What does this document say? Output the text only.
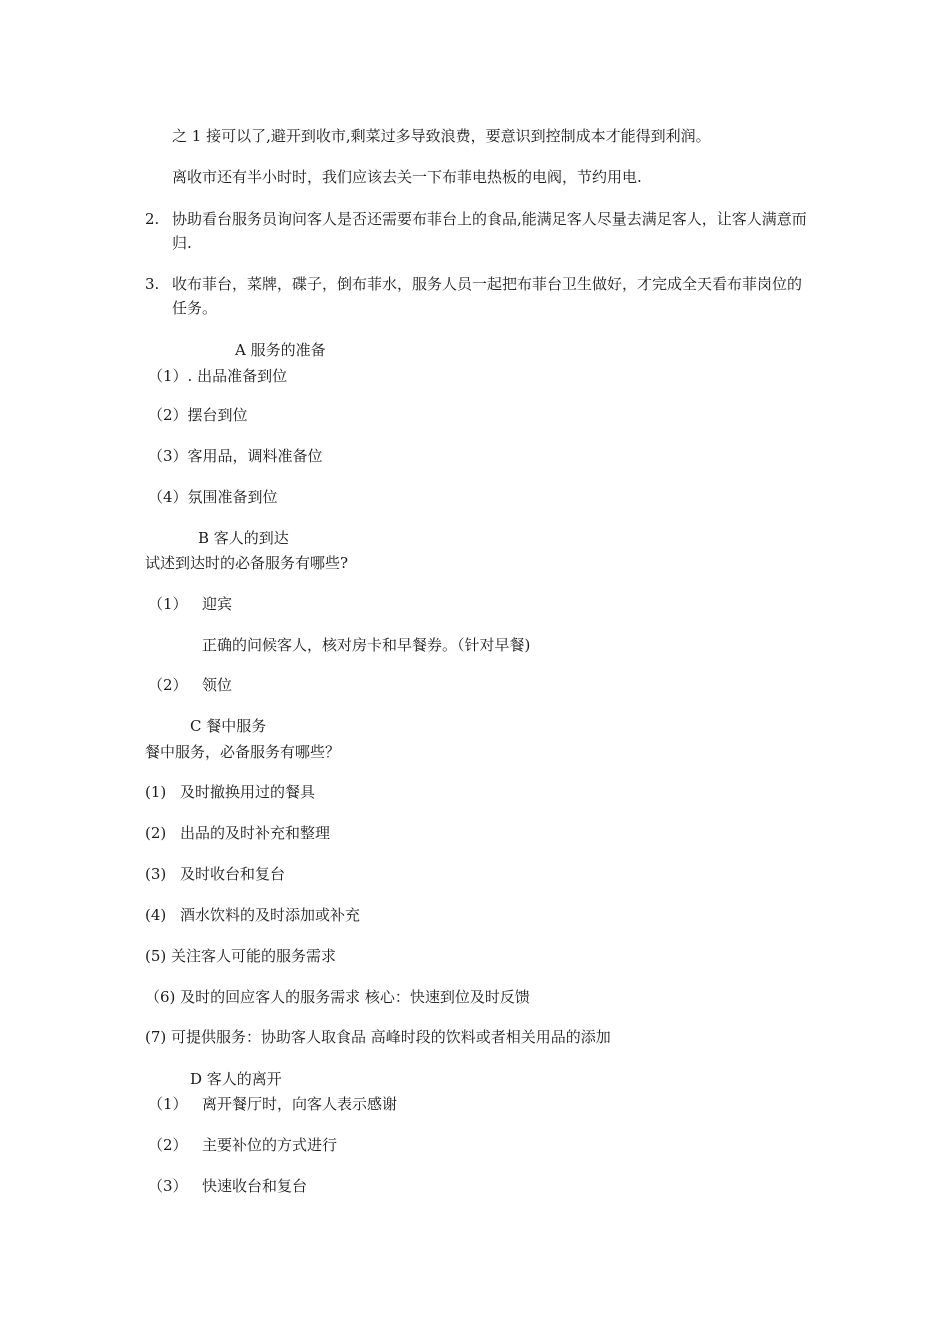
之 1 接可以了,避开到收市,剩菜过多导致浪费，要意识到控制成本才能得到利润。
离收市还有半小时时，我们应该去关一下布菲电热板的电阀，节约用电.
2. 协助看台服务员询问客人是否还需要布菲台上的食品,能满足客人尽量去满足客人，让客人满意而归.
3. 收布菲台，菜牌，碟子，倒布菲水，服务人员一起把布菲台卫生做好，才完成全天看布菲岗位的任务。
A 服务的准备
（1）. 出品准备到位
（2）摆台到位
（3）客用品，调料准备位
（4）氛围准备到位
B 客人的到达
试述到达时的必备服务有哪些?
（1） 迎宾
正确的问候客人，核对房卡和早餐券。（针对早餐)
（2） 领位
C 餐中服务
餐中服务，必备服务有哪些？
(1) 及时撤换用过的餐具
(2) 出品的及时补充和整理
(3) 及时收台和复台
(4) 酒水饮料的及时添加或补充
(5) 关注客人可能的服务需求
（6) 及时的回应客人的服务需求 核心：快速到位及时反馈
(7) 可提供服务：协助客人取食品 高峰时段的饮料或者相关用品的添加
D 客人的离开
（1） 离开餐厅时，向客人表示感谢
（2） 主要补位的方式进行
（3） 快速收台和复台
